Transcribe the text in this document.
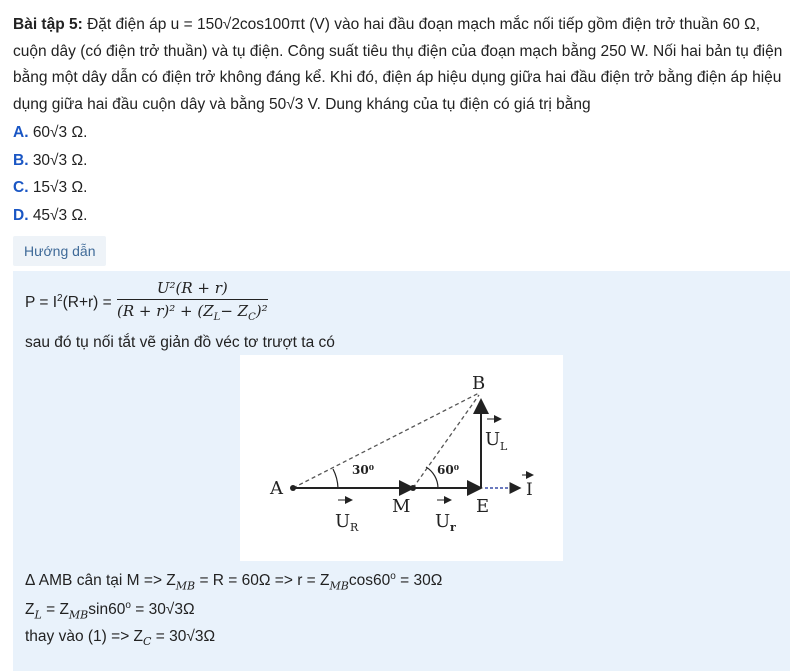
Bài tập 5: Đặt điện áp u = 150√2cos100πt (V) vào hai đầu đoạn mạch mắc nối tiếp gồm điện trở thuần 60 Ω, cuộn dây (có điện trở thuần) và tụ điện. Công suất tiêu thụ điện của đoạn mạch bằng 250 W. Nối hai bản tụ điện bằng một dây dẫn có điện trở không đáng kể. Khi đó, điện áp hiệu dụng giữa hai đầu điện trở bằng điện áp hiệu dụng giữa hai đầu cuộn dây và bằng 50√3 V. Dung kháng của tụ điện có giá trị bằng
A. 60√3 Ω.
B. 30√3 Ω.
C. 15√3 Ω.
D. 45√3 Ω.
Hướng dẫn
$P = I^2(R+r)$ =
U²(R + r)
$(R + r)^2 + (Z_L- Z_C)^2$
sau đó tụ nối tắt vẽ giản đồ véc tơ trượt ta có
A
B
M	E
30⁰	60⁰
U R	U r
U L
I
Δ AMB cân tại $M => Z_{MB} = R = 60\Omega => r = Z_{MB}\cos 60^o = 30\Omega$
$Z_L = Z_{MB}\sin 60^o = 30√3\Omega$
thay vào $(1) => Z_C = 30√3\Omega$
